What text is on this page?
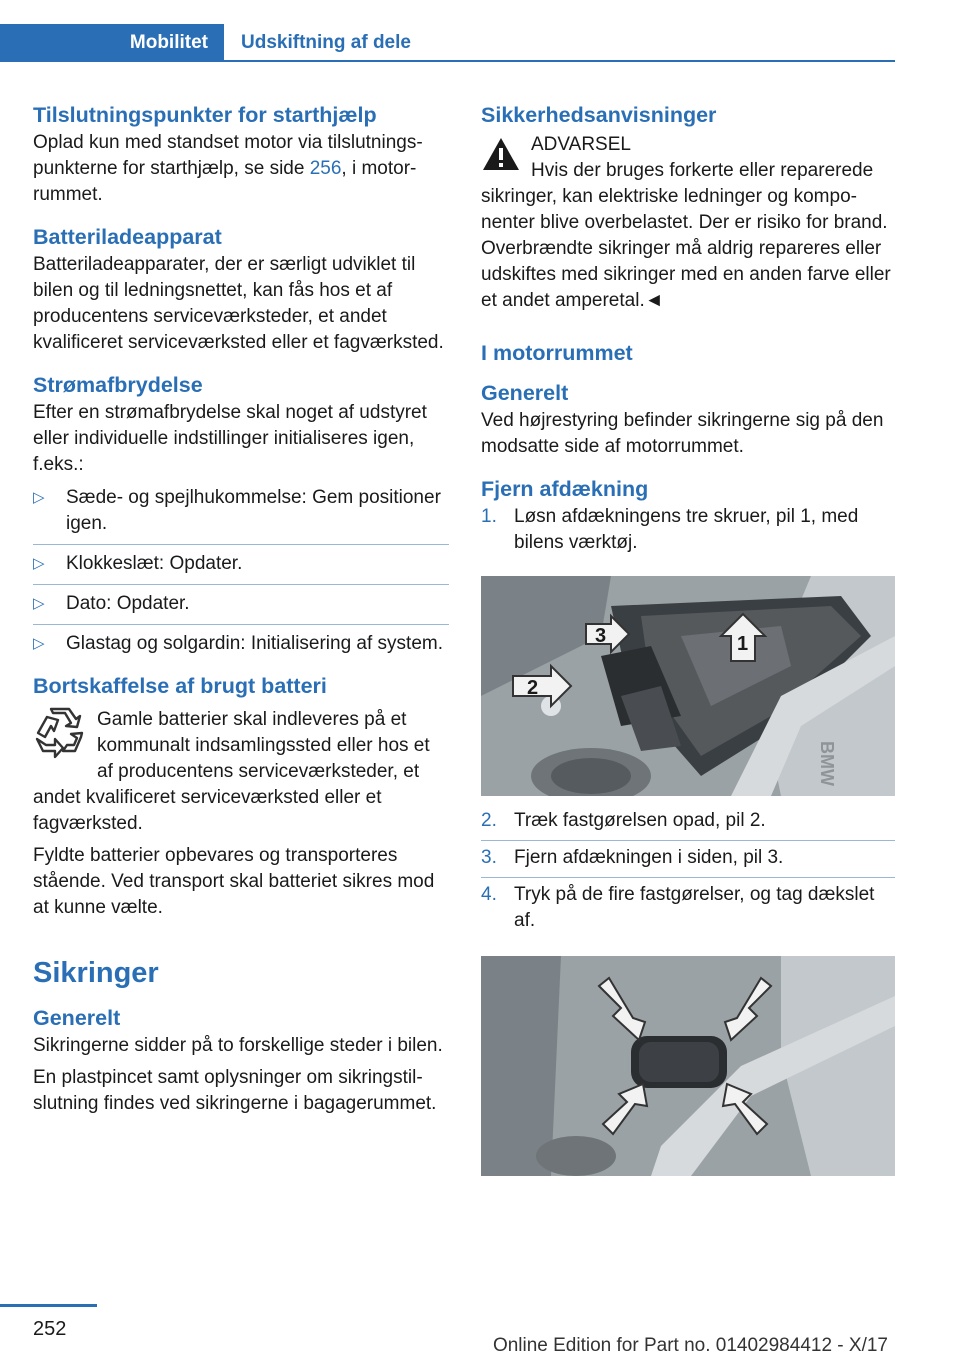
Mobilitet	Udskiftning af dele
Tilslutningspunkter for starthjælp

Oplad kun med standset motor via tilslutningspunkterne for starthjælp, se side 256, i motorrummet.

Batteriladeapparat

Batteriladeapparater, der er særligt udviklet til bilen og til ledningsnettet, kan fås hos et af producentens serviceværksteder, et andet kvalificeret serviceværksted eller et fagværksted.

Strømafbrydelse

Efter en strømafbrydelse skal noget af udstyret eller individuelle indstillinger initialiseres igen, f.eks.:

▷ Sæde- og spejlhukommelse: Gem positioner igen.
▷ Klokkeslæt: Opdater.
▷ Dato: Opdater.
▷ Glastag og solgardin: Initialisering af system.
Bortskaffelse af brugt batteri

Gamle batterier skal indleveres på et kommunalt indsamlingssted eller hos et af producentens serviceværksteder, et andet kvalificeret serviceværksted eller et fagværksted.

Fyldte batterier opbevares og transporteres stående. Ved transport skal batteriet sikres mod at kunne vælte.

Sikringer
Generelt

Sikringerne sidder på to forskellige steder i bilen.

En plastpincet samt oplysninger om sikringstilslutning findes ved sikringerne i bagagerummet.

Sikkerhedsanvisninger

ADVARSEL

Hvis der bruges forkerte eller reparerede sikringer, kan elektriske ledninger og komponenter blive overbelastet. Der er risiko for brand. Overbrændte sikringer må aldrig repareres eller udskiftes med sikringer med en anden farve eller et andet amperetal.◄

I motorrummet
Generelt

Ved højrestyring befinder sikringerne sig på den modsatte side af motorrummet.

Fjern afdækning
1. Løsn afdækningens tre skruer, pil 1, med bilens værktøj.
3	1
2
BMW
2. Træk fastgørelsen opad, pil 2.
3. Fjern afdækningen i siden, pil 3.
4. Tryk på de fire fastgørelser, og tag dækslet af.
252
Online Edition for Part no. 01402984412 - X/17
